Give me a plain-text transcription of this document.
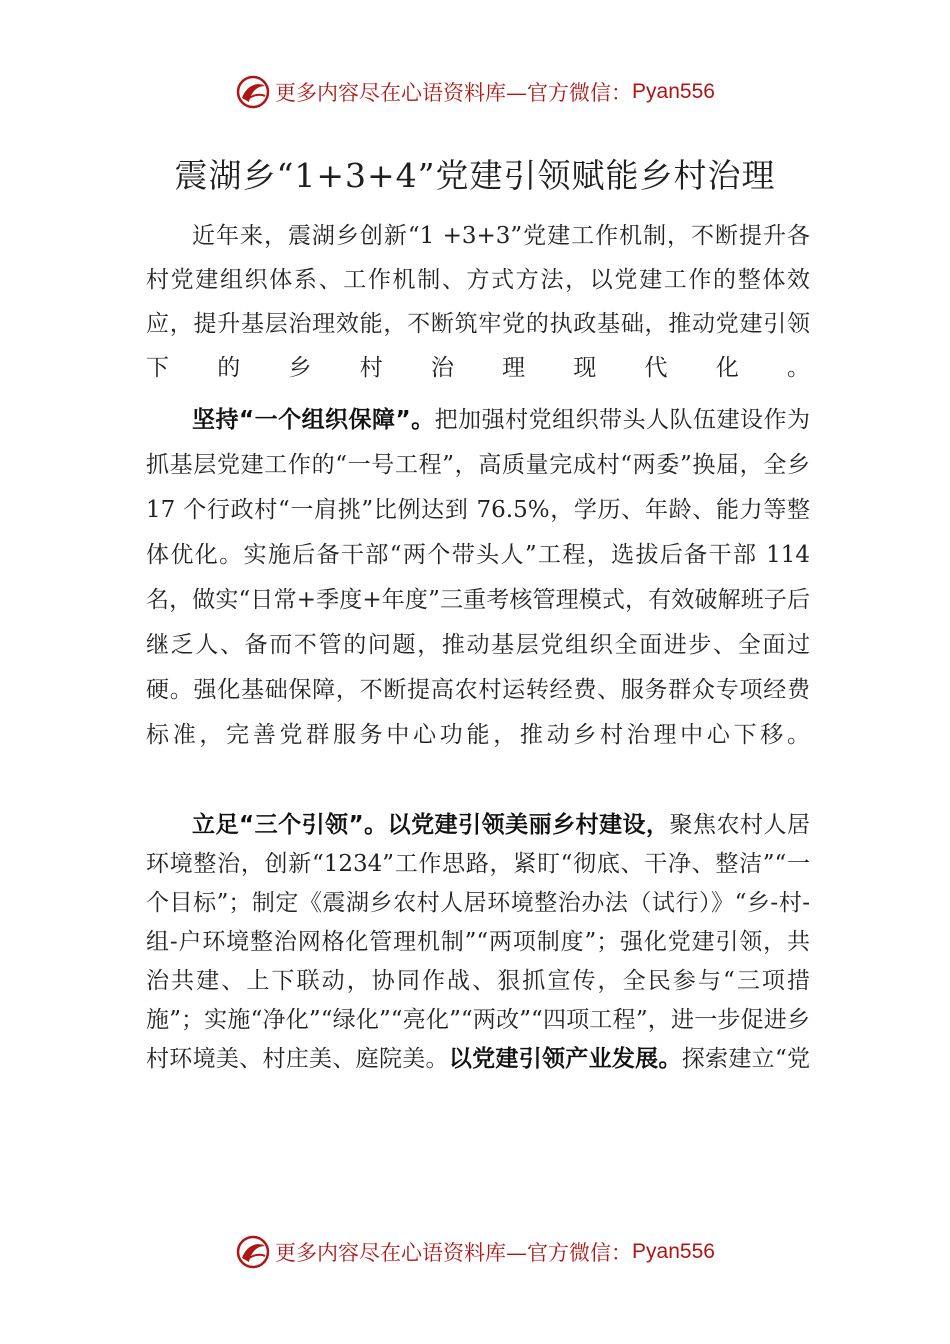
更多内容尽在心语资料库—官方微信： Pyan556
震湖乡“1+3+4”党建引领赋能乡村治理
近年来，震湖乡创新“1 +3+3”党建工作机制，不断提升各村党建组织体系、工作机制、方式方法，以党建工作的整体效应，提升基层治理效能，不断筑牢党的执政基础，推动党建引领下的乡村治理现代化。
坚持“一个组织保障”。把加强村党组织带头人队伍建设作为抓基层党建工作的“一号工程”，高质量完成村“两委”换届，全乡 17 个行政村“一肩挑”比例达到 76.5%，学历、年龄、能力等整体优化。实施后备干部“两个带头人”工程，选拔后备干部 114 名，做实“日常+季度+年度”三重考核管理模式，有效破解班子后继乏人、备而不管的问题，推动基层党组织全面进步、全面过硬。强化基础保障，不断提高农村运转经费、服务群众专项经费标准，完善党群服务中心功能，推动乡村治理中心下移。
立足“三个引领”。以党建引领美丽乡村建设，聚焦农村人居环境整治，创新“1234”工作思路，紧盯“彻底、干净、整洁”“一个目标”；制定《震湖乡农村人居环境整治办法（试行）》“乡-村-组-户环境整治网格化管理机制”“两项制度”；强化党建引领，共治共建、上下联动，协同作战、狠抓宣传，全民参与“三项措施”；实施“净化”“绿化”“亮化”“两改”“四项工程”，进一步促进乡村环境美、村庄美、庭院美。以党建引领产业发展。探索建立“党
更多内容尽在心语资料库—官方微信： Pyan556
